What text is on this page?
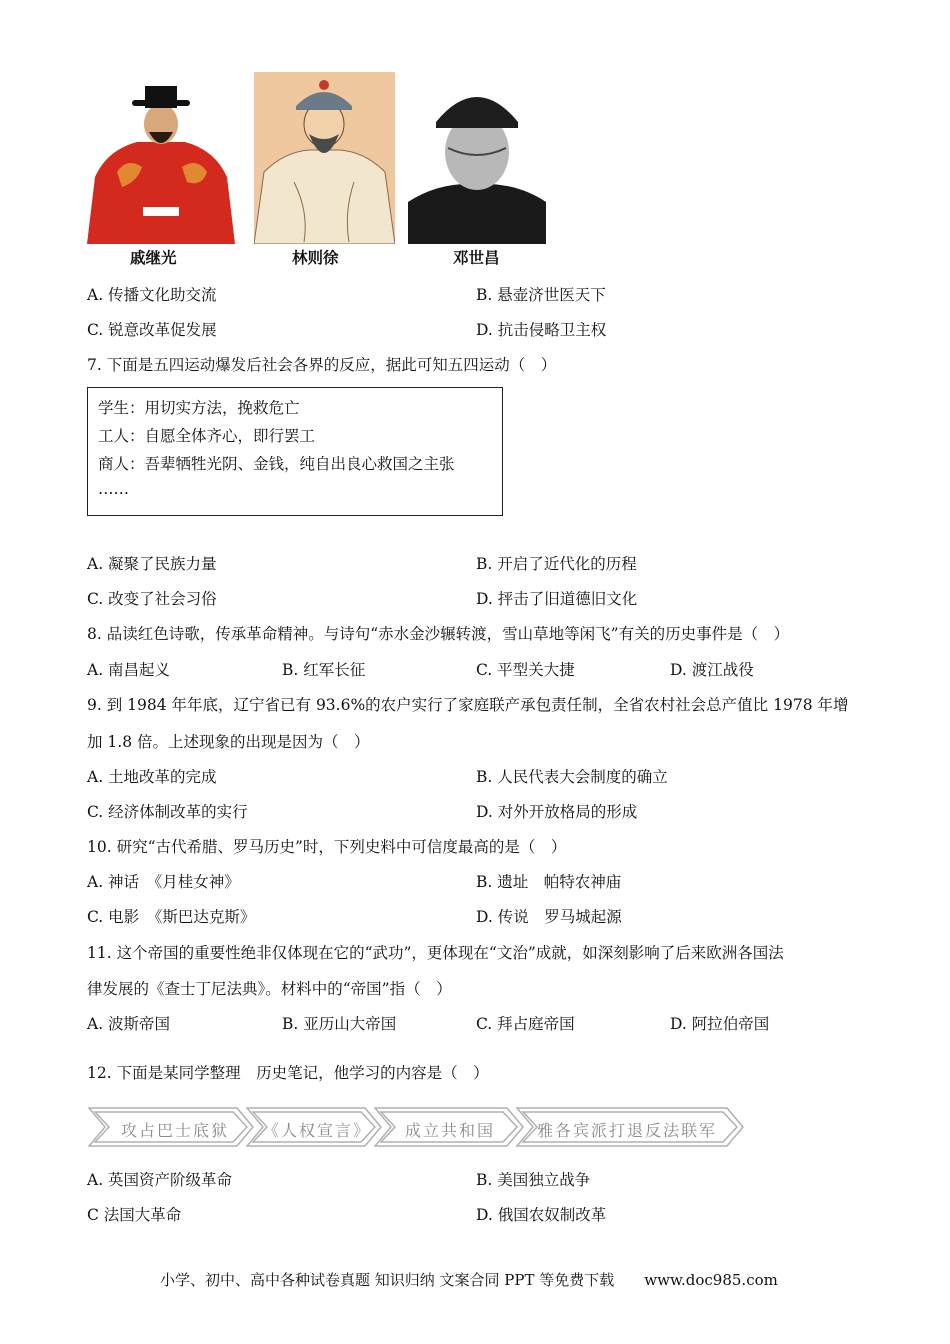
戚继光	林则徐	邓世昌
A. 传播文化助交流	B. 悬壶济世医天下
C. 锐意改革促发展	D. 抗击侵略卫主权
7. 下面是五四运动爆发后社会各界的反应，据此可知五四运动（　）
学生：用切实方法，挽救危亡
工人：自愿全体齐心，即行罢工
商人：吾辈牺牲光阴、金钱，纯自出良心救国之主张
……
A. 凝聚了民族力量	B. 开启了近代化的历程
C. 改变了社会习俗	D. 抨击了旧道德旧文化
8. 品读红色诗歌，传承革命精神。与诗句“赤水金沙辗转渡，雪山草地等闲飞”有关的历史事件是（　）
A. 南昌起义	B. 红军长征	C. 平型关大捷	D. 渡江战役
9. 到 1984 年年底，辽宁省已有 93.6%的农户实行了家庭联产承包责任制，全省农村社会总产值比 1978 年增
加 1.8 倍。上述现象的出现是因为（　）
A. 土地改革的完成	B. 人民代表大会制度的确立
C. 经济体制改革的实行	D. 对外开放格局的形成
10. 研究“古代希腊、罗马历史”时，下列史料中可信度最高的是（　）
A. 神话　《月桂女神》	B. 遗址　帕特农神庙
C. 电影　《斯巴达克斯》	D. 传说　罗马城起源
11. 这个帝国的重要性绝非仅体现在它的“武功”，更体现在“文治”成就，如深刻影响了后来欧洲各国法
律发展的《查士丁尼法典》。材料中的“帝国”指（　）
A. 波斯帝国	B. 亚历山大帝国	C. 拜占庭帝国	D. 阿拉伯帝国
12. 下面是某同学整理　历史笔记，他学习的内容是（　）
攻占巴士底狱 《人权宣言》 成立共和国	雅各宾派打退反法联军
A. 英国资产阶级革命	B. 美国独立战争
C 法国大革命	D. 俄国农奴制改革
小学、初中、高中各种试卷真题 知识归纳 文案合同 PPT 等免费下载　　www.doc985.com
